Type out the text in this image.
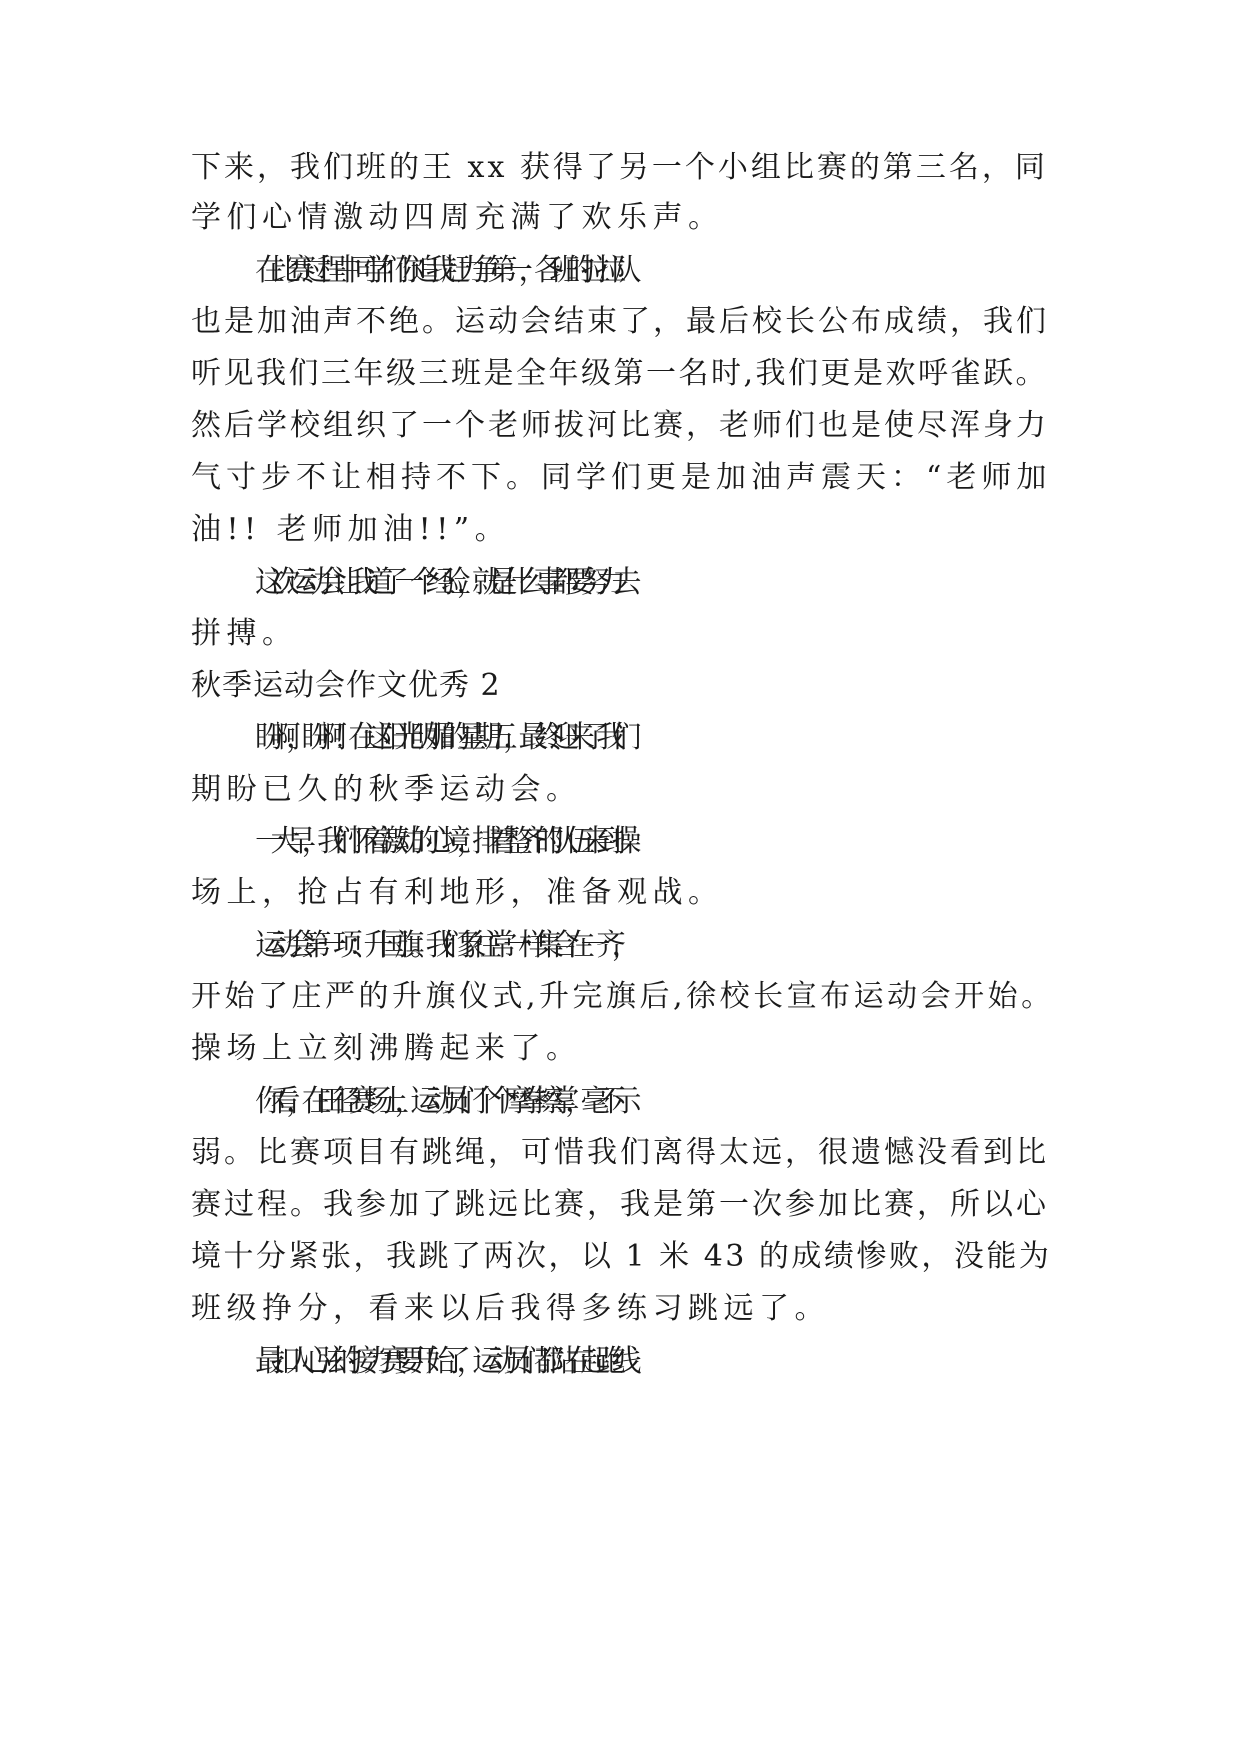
下来，我们班的王 xx 获得了另一个小组比赛的第三名，同
学们心情激动四周充满了欢乐声。
在比赛过程中同学们你追我赶力争第一，各班的拉拉队
也是加油声不绝。运动会结束了，最后校长公布成绩，我们
听见我们三年级三班是全年级第一名时,我们更是欢呼雀跃。
然后学校组织了一个老师拔河比赛，老师们也是使尽浑身力
气寸步不让相持不下。同学们更是加油声震天：“老师加
油!! 老师加油!!”。
这次运动会让我道了一个经验，就是什么事都要努力去
拼搏。
秋季运动会作文优秀 2
盼啊，盼啊！在这阳光明媚的星期五，最终迎来了我们
期盼已久的秋季运动会。
一大早，我们怀着激动的心境，排着整齐的队伍来到操
场上，抢占有利地形，准备观战。
运动会第一项：升国旗。我们象往常一样集合在一齐，
开始了庄严的升旗仪式,升完旗后,徐校长宣布运动会开始。
操场上立刻沸腾起来了。
你看，在田径赛场上，运动员们个个摩拳擦掌，毫不示
弱。比赛项目有跳绳，可惜我们离得太远，很遗憾没看到比
赛过程。我参加了跳远比赛，我是第一次参加比赛，所以心
境十分紧张，我跳了两次，以 1 米 43 的成绩惨败，没能为
班级挣分，看来以后我得多练习跳远了。
最扣人心弦的接力赛要开始了，运动员们都站在起跑线
